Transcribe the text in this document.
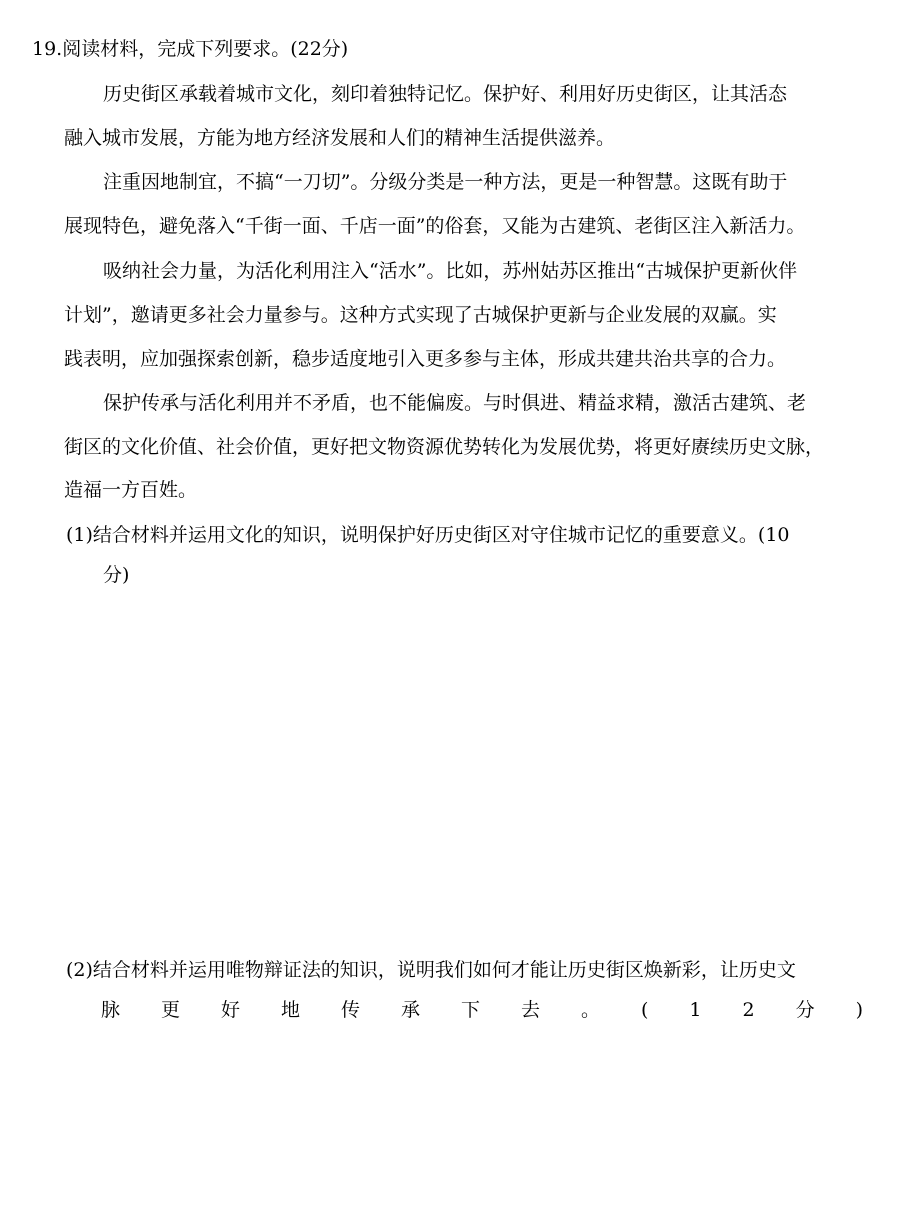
19.阅读材料，完成下列要求。(22分)
历史街区承载着城市文化，刻印着独特记忆。保护好、利用好历史街区，让其活态
融入城市发展，方能为地方经济发展和人们的精神生活提供滋养。
注重因地制宜，不搞“一刀切”。分级分类是一种方法，更是一种智慧。这既有助于
展现特色，避免落入“千街一面、千店一面”的俗套，又能为古建筑、老街区注入新活力。
吸纳社会力量，为活化利用注入“活水”。比如，苏州姑苏区推出“古城保护更新伙伴
计划”，邀请更多社会力量参与。这种方式实现了古城保护更新与企业发展的双赢。实
践表明，应加强探索创新，稳步适度地引入更多参与主体，形成共建共治共享的合力。
保护传承与活化利用并不矛盾，也不能偏废。与时俱进、精益求精，激活古建筑、老
街区的文化价值、社会价值，更好把文物资源优势转化为发展优势，将更好赓续历史文脉，
造福一方百姓。
(1)结合材料并运用文化的知识，说明保护好历史街区对守住城市记忆的重要意义。(10
分)
(2)结合材料并运用唯物辩证法的知识，说明我们如何才能让历史街区焕新彩，让历史文
脉 更 好 地 传 承 下 去 。 ( 1 2 分 )
